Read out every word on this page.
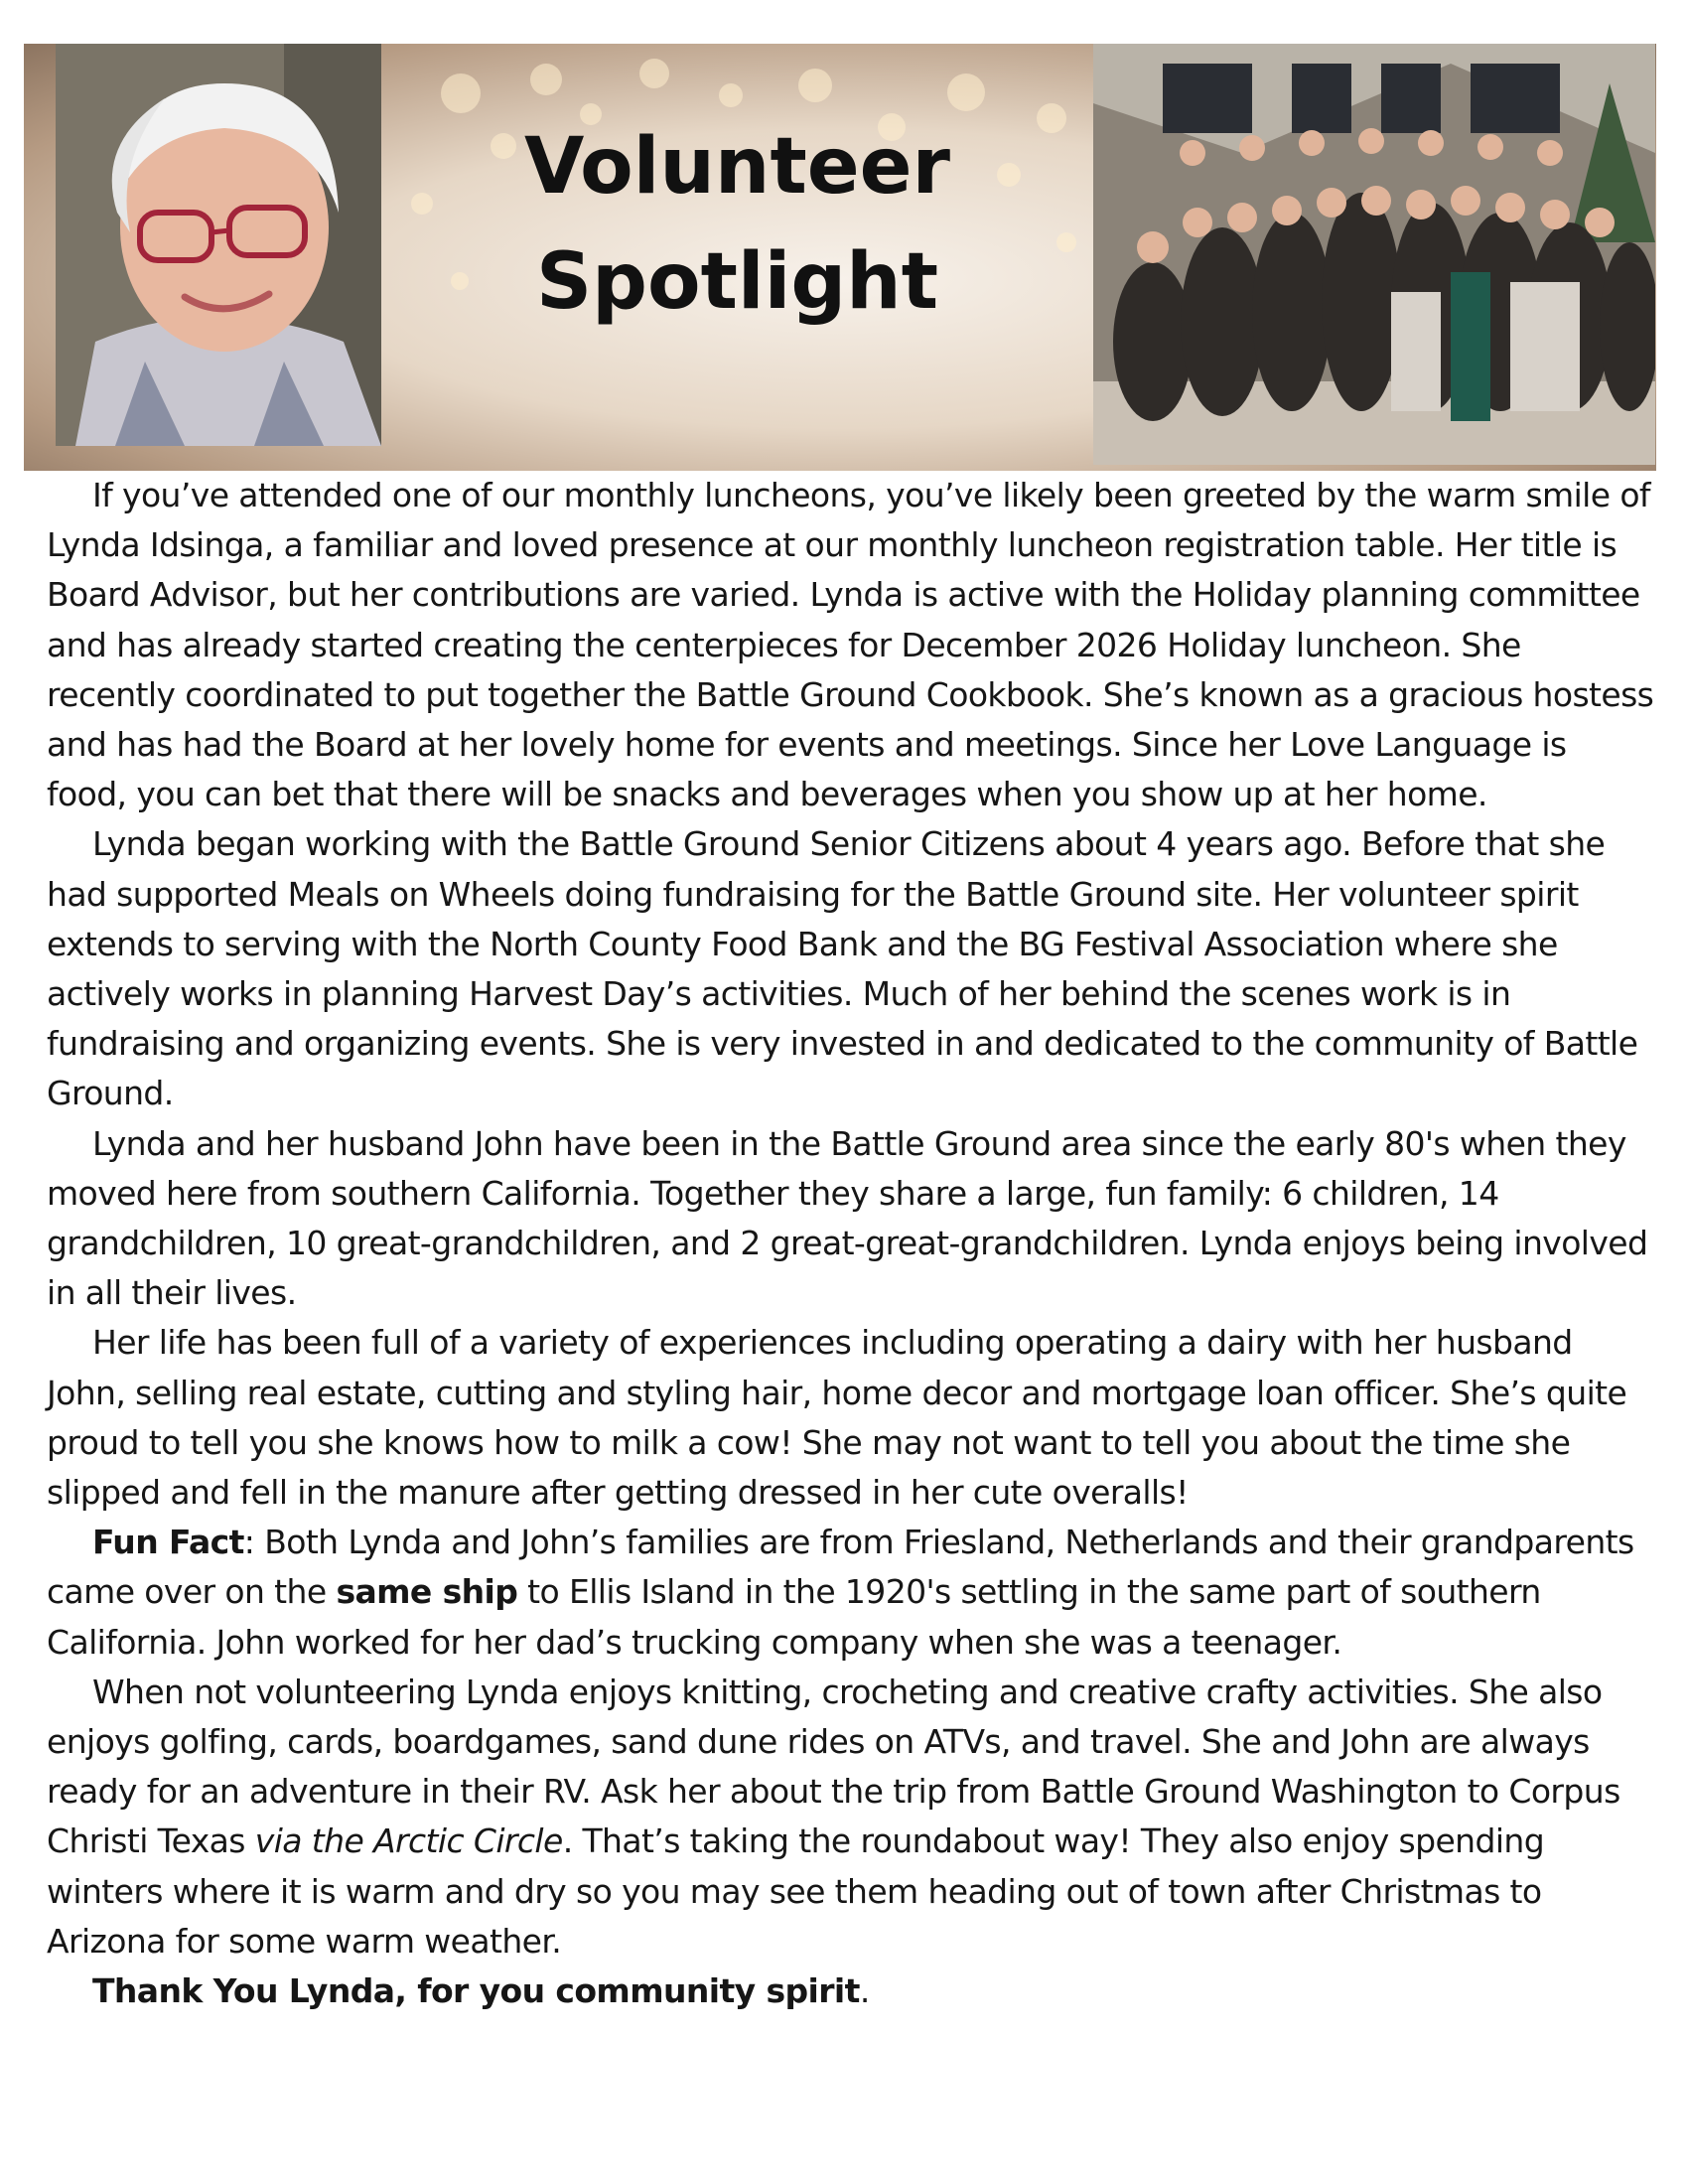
Volunteer
Spotlight

If you’ve attended one of our monthly luncheons, you’ve likely been greeted by the warm smile of Lynda Idsinga, a familiar and loved presence at our monthly luncheon registration table. Her title is Board Advisor, but her contributions are varied. Lynda is active with the Holiday planning committee and has already started creating the centerpieces for December 2026 Holiday luncheon. She recently coordinated to put together the Battle Ground Cookbook. She’s known as a gracious hostess and has had the Board at her lovely home for events and meetings. Since her Love Language is food, you can bet that there will be snacks and beverages when you show up at her home.

Lynda began working with the Battle Ground Senior Citizens about 4 years ago. Before that she had supported Meals on Wheels doing fundraising for the Battle Ground site. Her volunteer spirit extends to serving with the North County Food Bank and the BG Festival Association where she actively works in planning Harvest Day’s activities. Much of her behind the scenes work is in fundraising and organizing events. She is very invested in and dedicated to the community of Battle Ground.

Lynda and her husband John have been in the Battle Ground area since the early 80's when they moved here from southern California. Together they share a large, fun family: 6 children, 14 grandchildren, 10 great-grandchildren, and 2 great-great-grandchildren. Lynda enjoys being involved in all their lives.

Her life has been full of a variety of experiences including operating a dairy with her husband John, selling real estate, cutting and styling hair, home decor and mortgage loan officer. She’s quite proud to tell you she knows how to milk a cow! She may not want to tell you about the time she slipped and fell in the manure after getting dressed in her cute overalls!

Fun Fact: Both Lynda and John’s families are from Friesland, Netherlands and their grandparents came over on the same ship to Ellis Island in the 1920's settling in the same part of southern California. John worked for her dad’s trucking company when she was a teenager.

When not volunteering Lynda enjoys knitting, crocheting and creative crafty activities. She also enjoys golfing, cards, boardgames, sand dune rides on ATVs, and travel. She and John are always ready for an adventure in their RV. Ask her about the trip from Battle Ground Washington to Corpus Christi Texas via the Arctic Circle. That’s taking the roundabout way! They also enjoy spending winters where it is warm and dry so you may see them heading out of town after Christmas to Arizona for some warm weather.

Thank You Lynda, for you community spirit.
